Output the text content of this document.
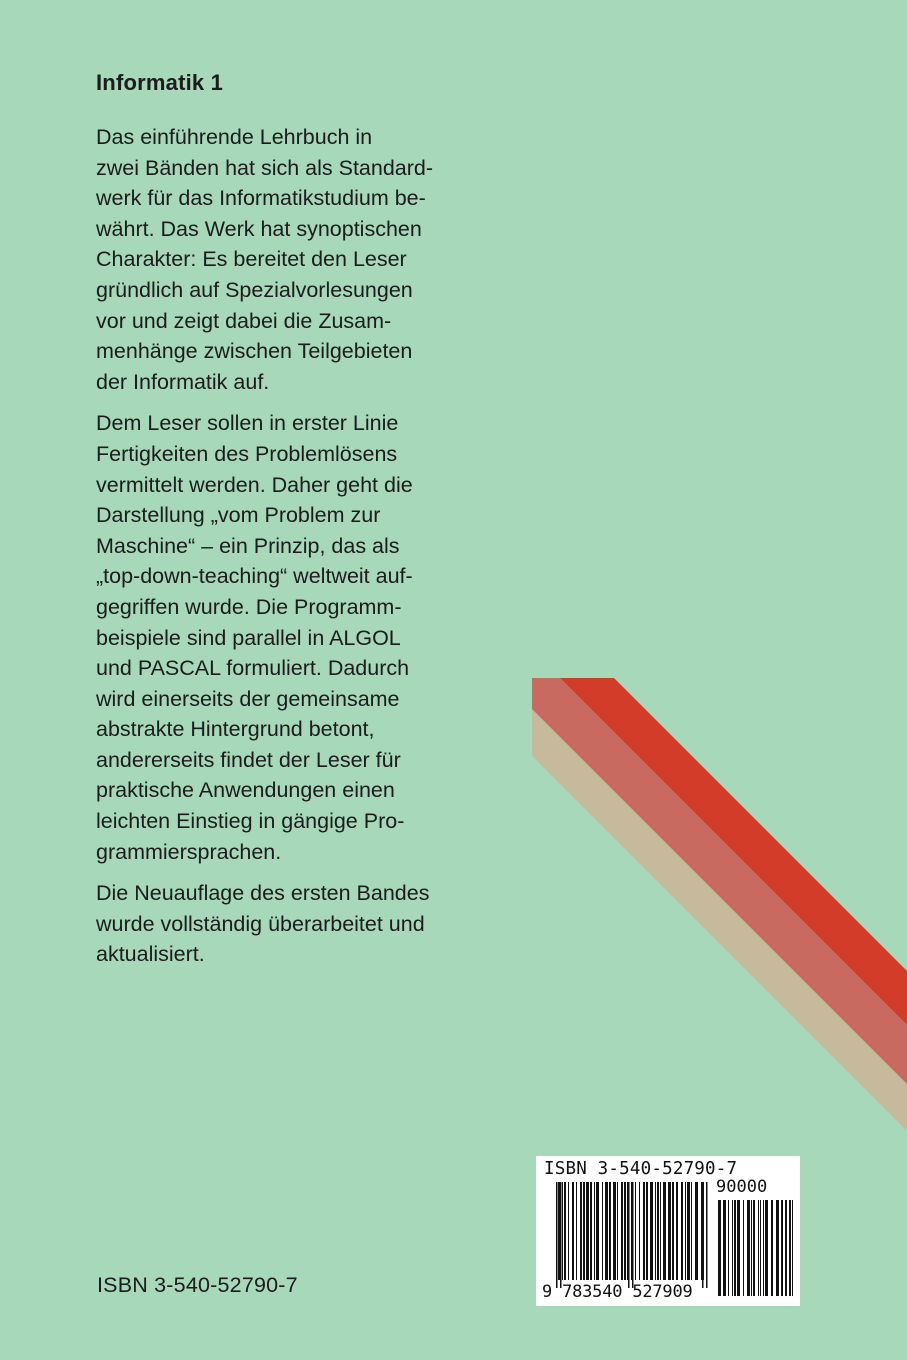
Informatik 1

Das einführende Lehrbuch in
zwei Bänden hat sich als Standard-
werk für das Informatikstudium be-
währt. Das Werk hat synoptischen
Charakter: Es bereitet den Leser
gründlich auf Spezialvorlesungen
vor und zeigt dabei die Zusam-
menhänge zwischen Teilgebieten
der Informatik auf.

Dem Leser sollen in erster Linie
Fertigkeiten des Problemlösens
vermittelt werden. Daher geht die
Darstellung „vom Problem zur
Maschine“ – ein Prinzip, das als
„top-down-teaching“ weltweit auf-
gegriffen wurde. Die Programm-
beispiele sind parallel in ALGOL
und PASCAL formuliert. Dadurch
wird einerseits der gemeinsame
abstrakte Hintergrund betont,
andererseits findet der Leser für
praktische Anwendungen einen
leichten Einstieg in gängige Pro-
grammiersprachen.

Die Neuauflage des ersten Bandes
wurde vollständig überarbeitet und
aktualisiert.

ISBN 3-540-52790-7
90000
9 783540 527909
ISBN 3-540-52790-7
